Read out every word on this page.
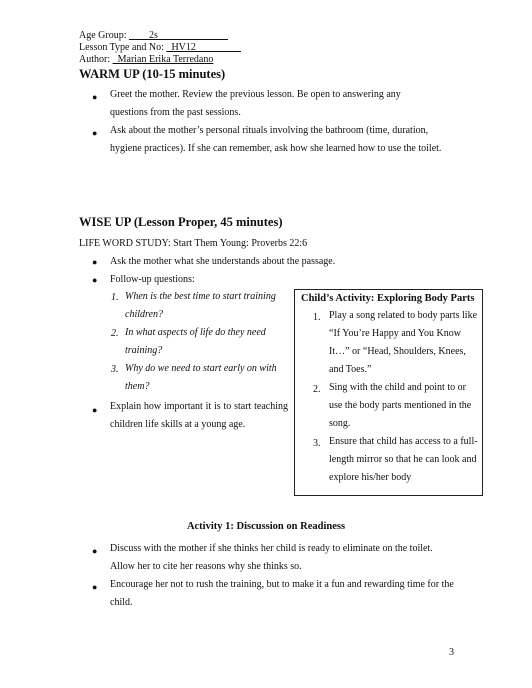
Age Group: ____2s______________
Lesson Type and No: _HV12_________
Author: _Marian Erika Terredano
WARM UP (10-15 minutes)
● Greet the mother. Review the previous lesson. Be open to answering any questions from the past sessions.
● Ask about the mother’s personal rituals involving the bathroom (time, duration, hygiene practices). If she can remember, ask how she learned how to use the toilet.
WISE UP (Lesson Proper, 45 minutes)
LIFE WORD STUDY: Start Them Young: Proverbs 22:6
● Ask the mother what she understands about the passage.
● Follow-up questions:
1. When is the best time to start training children?
2. In what aspects of life do they need training?
3. Why do we need to start early on with them?
● Explain how important it is to start teaching children life skills at a young age.
Child’s Activity: Exploring Body Parts
1. Play a song related to body parts like “If You’re Happy and You Know It…” or “Head, Shoulders, Knees, and Toes.”
2. Sing with the child and point to or use the body parts mentioned in the song.
3. Ensure that child has access to a full-length mirror so that he can look and explore his/her body
Activity 1: Discussion on Readiness
● Discuss with the mother if she thinks her child is ready to eliminate on the toilet. Allow her to cite her reasons why she thinks so.
● Encourage her not to rush the training, but to make it a fun and rewarding time for the child.
3
